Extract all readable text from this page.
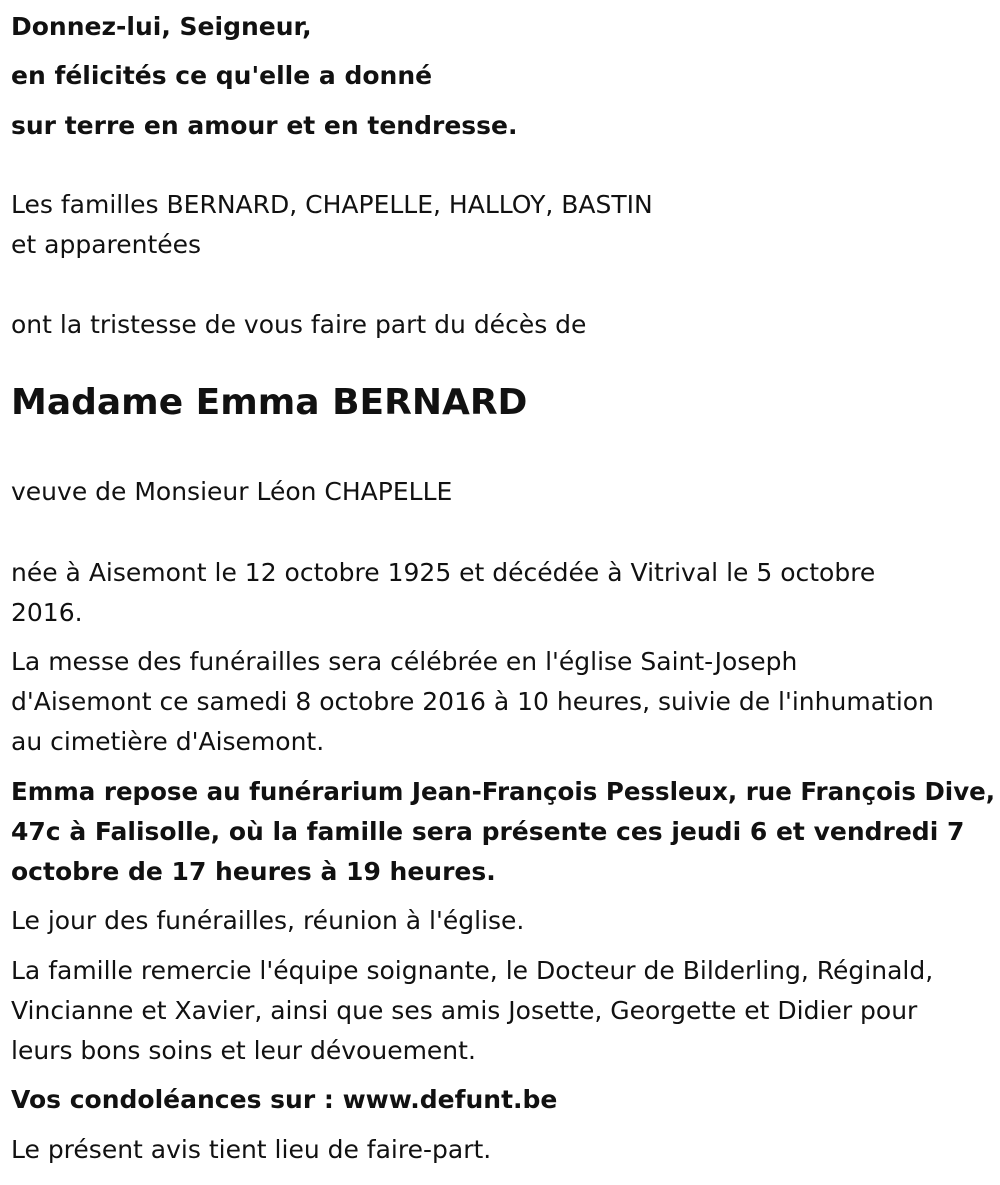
Donnez-lui, Seigneur,
en félicités ce qu'elle a donné
sur terre en amour et en tendresse.
Les familles BERNARD, CHAPELLE, HALLOY, BASTIN
et apparentées
ont la tristesse de vous faire part du décès de
Madame Emma BERNARD
veuve de Monsieur Léon CHAPELLE
née à Aisemont le 12 octobre 1925 et décédée à Vitrival le 5 octobre
2016.
La messe des funérailles sera célébrée en l'église Saint-Joseph
d'Aisemont ce samedi 8 octobre 2016 à 10 heures, suivie de l'inhumation
au cimetière d'Aisemont.
Emma repose au funérarium Jean-François Pessleux, rue François Dive,
47c à Falisolle, où la famille sera présente ces jeudi 6 et vendredi 7
octobre de 17 heures à 19 heures.
Le jour des funérailles, réunion à l'église.
La famille remercie l'équipe soignante, le Docteur de Bilderling, Réginald,
Vincianne et Xavier, ainsi que ses amis Josette, Georgette et Didier pour
leurs bons soins et leur dévouement.
Vos condoléances sur : www.defunt.be
Le présent avis tient lieu de faire-part.
